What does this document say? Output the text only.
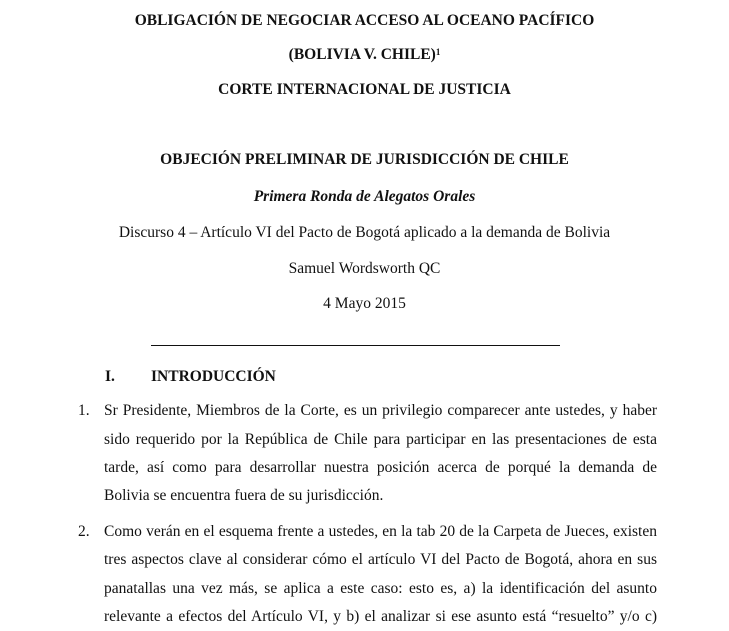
OBLIGACIÓN DE NEGOCIAR ACCESO AL OCEANO PACÍFICO
(BOLIVIA V. CHILE)$^1$
CORTE INTERNACIONAL DE JUSTICIA
OBJECIÓN PRELIMINAR DE JURISDICCIÓN DE CHILE
Primera Ronda de Alegatos Orales
Discurso 4 – Artículo VI del Pacto de Bogotá aplicado a la demanda de Bolivia
Samuel Wordsworth QC
4 Mayo 2015
I. INTRODUCCIÓN
1. Sr Presidente, Miembros de la Corte, es un privilegio comparecer ante ustedes, y haber
sido requerido por la República de Chile para participar en las presentaciones de esta
tarde, así como para desarrollar nuestra posición acerca de porqué la demanda de
Bolivia se encuentra fuera de su jurisdicción.
2. Como verán en el esquema frente a ustedes, en la tab 20 de la Carpeta de Jueces, existen
tres aspectos clave al considerar cómo el artículo VI del Pacto de Bogotá, ahora en sus
panatallas una vez más, se aplica a este caso: esto es, a) la identificación del asunto
relevante a efectos del Artículo VI, y b) el analizar si ese asunto está “resuelto” y/o c)
